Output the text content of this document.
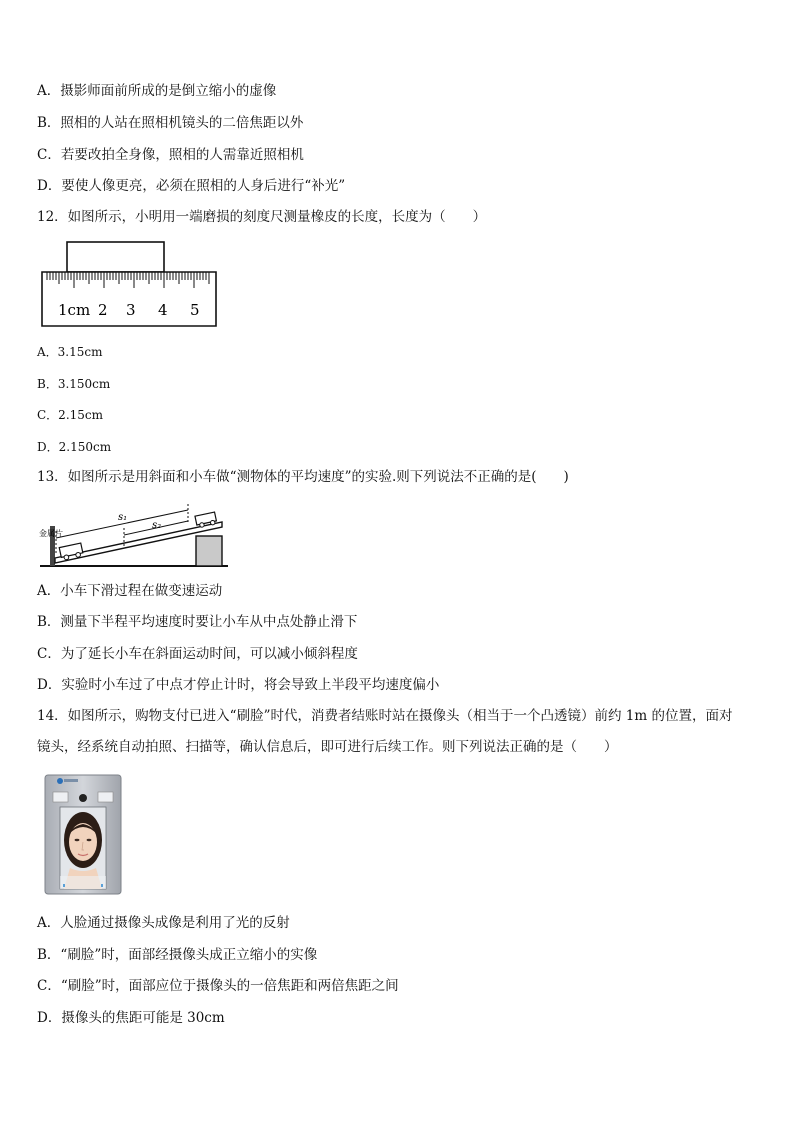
A．摄影师面前所成的是倒立缩小的虚像
B．照相的人站在照相机镜头的二倍焦距以外
C．若要改拍全身像，照相的人需靠近照相机
D．要使人像更亮，必须在照相的人身后进行“补光”
12．如图所示，小明用一端磨损的刻度尺测量橡皮的长度，长度为（　　）
1cm 2 3 4 5
A．3.15cm
B．3.150cm
C．2.15cm
D．2.150cm
13．如图所示是用斜面和小车做“测物体的平均速度”的实验.则下列说法不正确的是(　　)
金属片
s₁
s₂
A．小车下滑过程在做变速运动
B．测量下半程平均速度时要让小车从中点处静止滑下
C．为了延长小车在斜面运动时间，可以减小倾斜程度
D．实验时小车过了中点才停止计时，将会导致上半段平均速度偏小
14．如图所示，购物支付已进入“刷脸”时代，消费者结账时站在摄像头（相当于一个凸透镜）前约 1m 的位置，面对
镜头，经系统自动拍照、扫描等，确认信息后，即可进行后续工作。则下列说法正确的是（　　）
A．人脸通过摄像头成像是利用了光的反射
B．“刷脸”时，面部经摄像头成正立缩小的实像
C．“刷脸”时，面部应位于摄像头的一倍焦距和两倍焦距之间
D．摄像头的焦距可能是 30cm
